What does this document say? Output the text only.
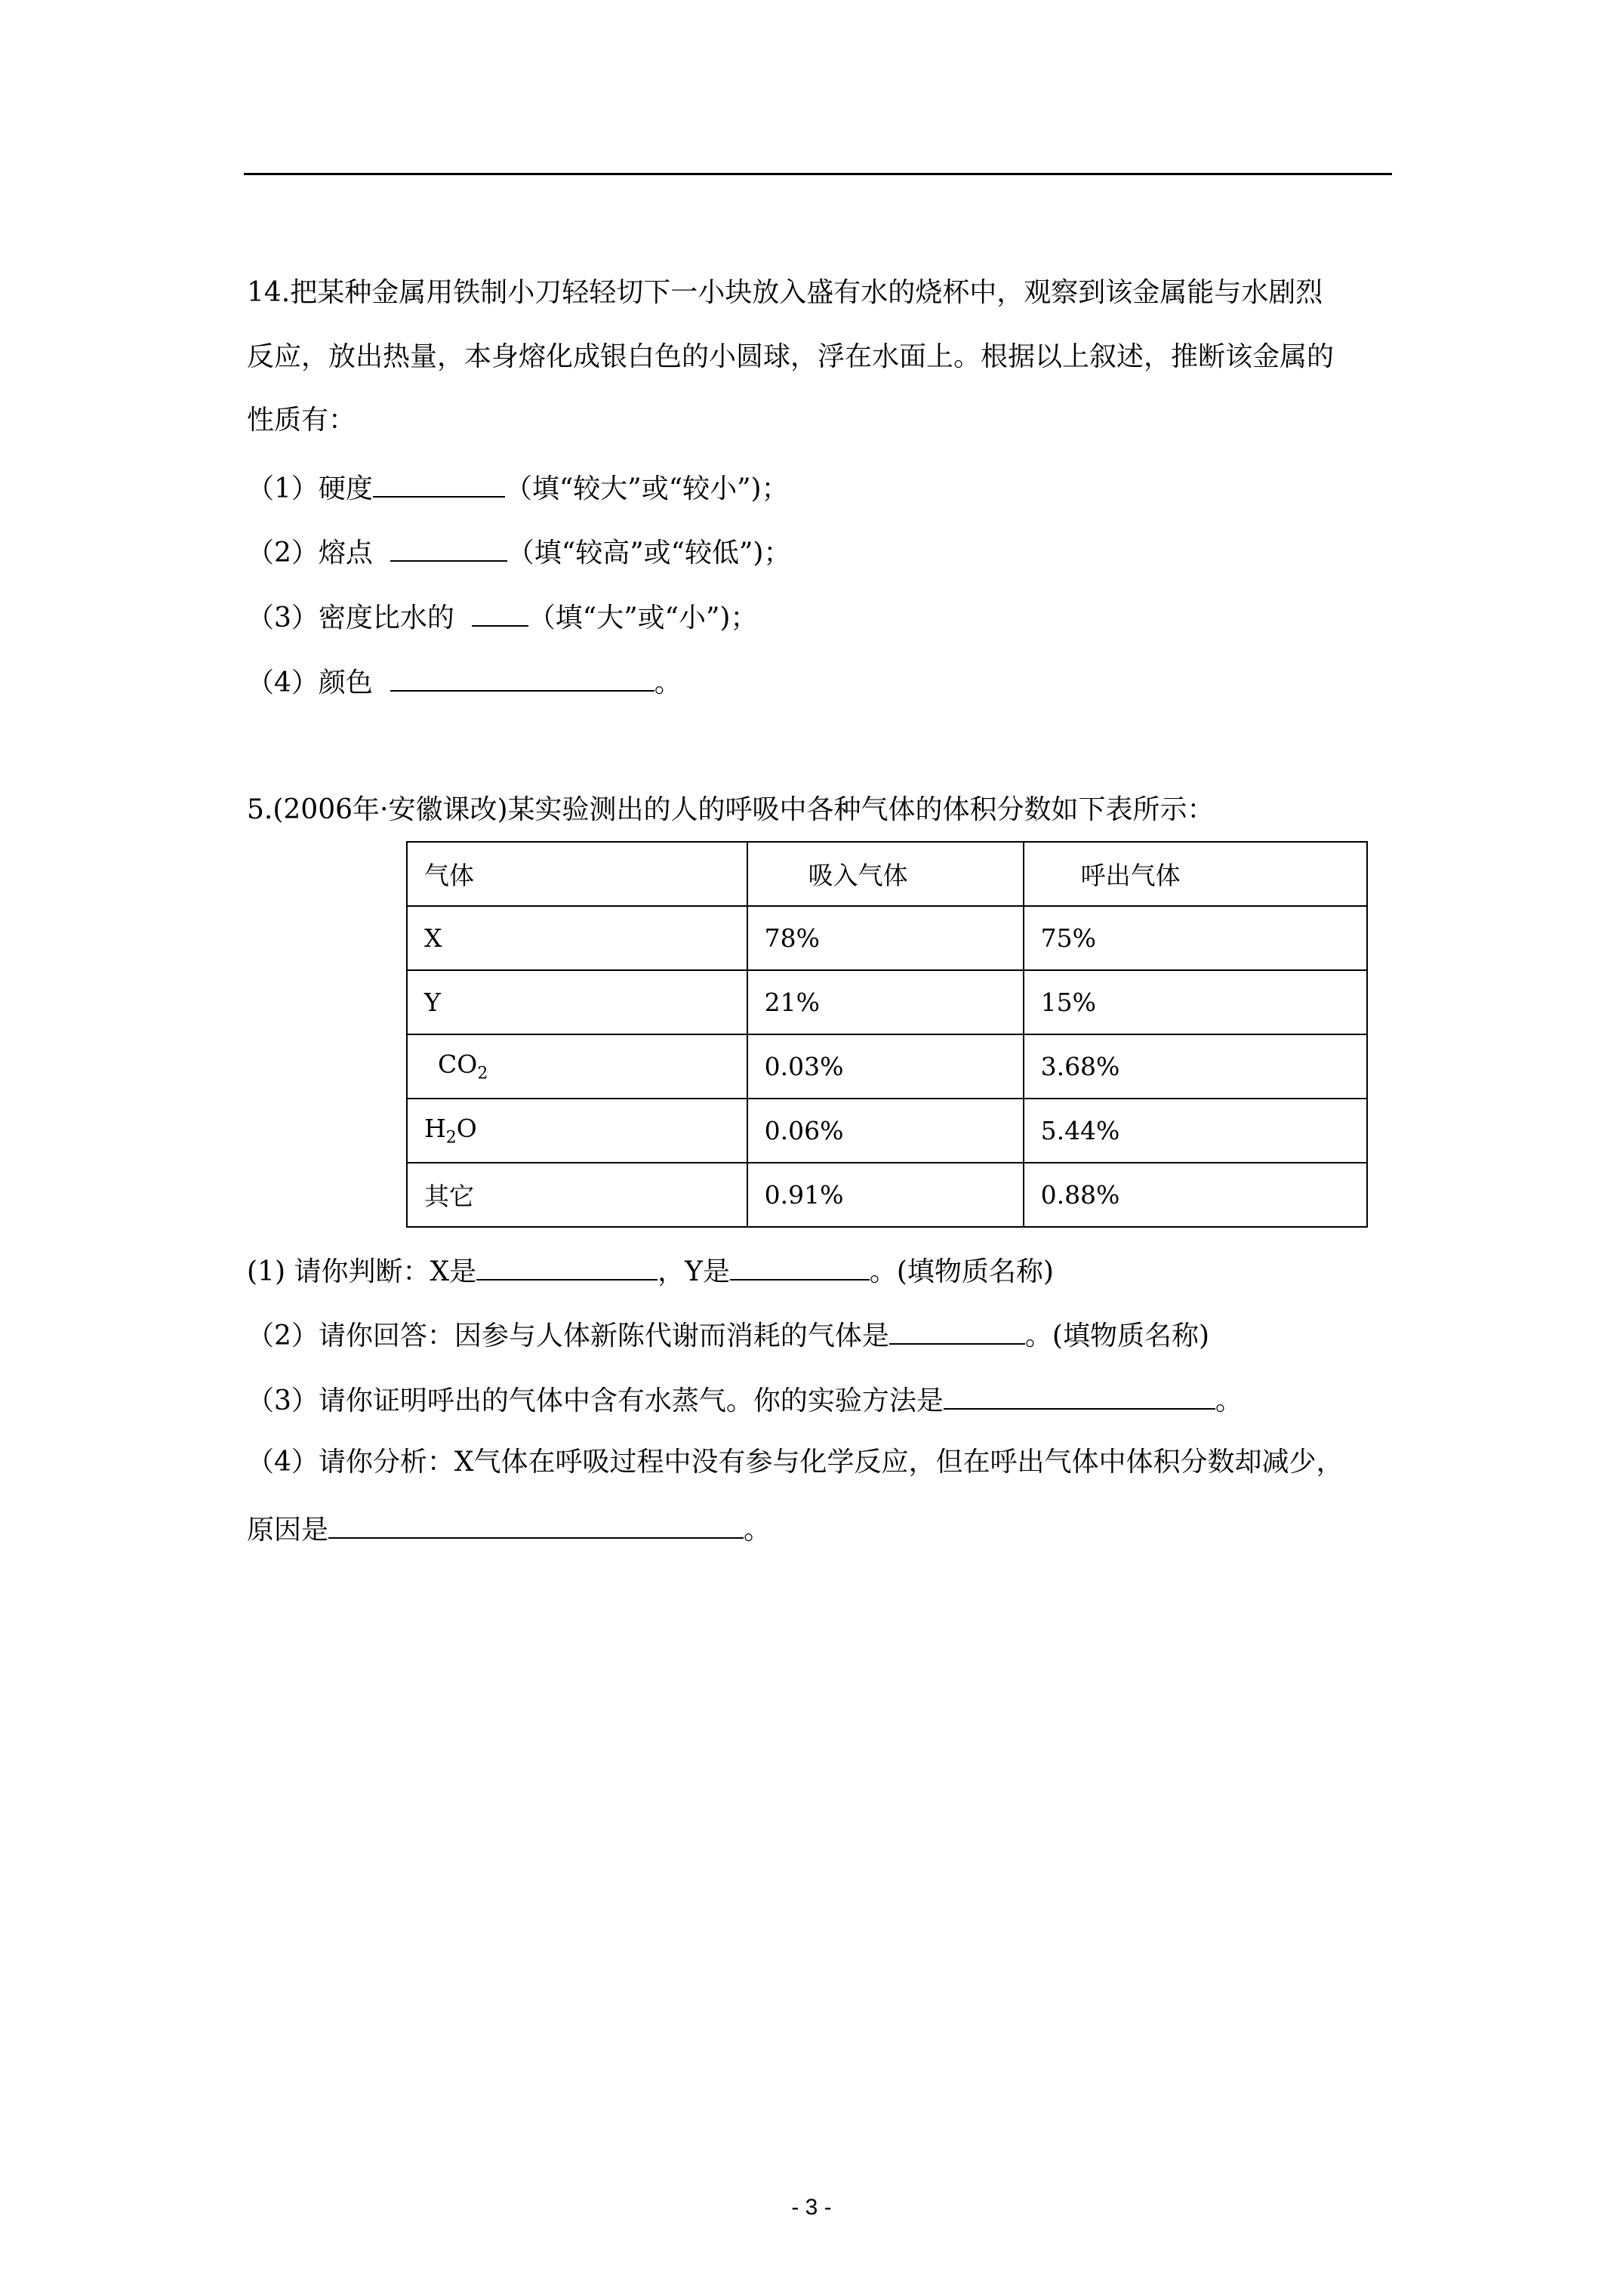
14.把某种金属用铁制小刀轻轻切下一小块放入盛有水的烧杯中，观察到该金属能与水剧烈
反应，放出热量，本身熔化成银白色的小圆球，浮在水面上。根据以上叙述，推断该金属的
性质有：
（1）硬度	（填“较大”或“较小”)；
（2）熔点	（填“较高”或“较低”)；
（3）密度比水的  （填“大”或“小”)；
（4）颜色	。
5.(2006年·安徽课改)某实验测出的人的呼吸中各种气体的体积分数如下表所示：
气体	吸入气体	呼出气体
X	78%	75%
Y	21%	15%
$CO_2$	0.03%	3.68%
$H_2O$	0.06%	5.44%
其它	0.91%	0.88%
(1) 请你判断：X是	，Y是	。(填物质名称)
（2）请你回答：因参与人体新陈代谢而消耗的气体是	。(填物质名称)
（3）请你证明呼出的气体中含有水蒸气。你的实验方法是	。
（4）请你分析：X气体在呼吸过程中没有参与化学反应，但在呼出气体中体积分数却减少，
原因是	。
- 3 -
